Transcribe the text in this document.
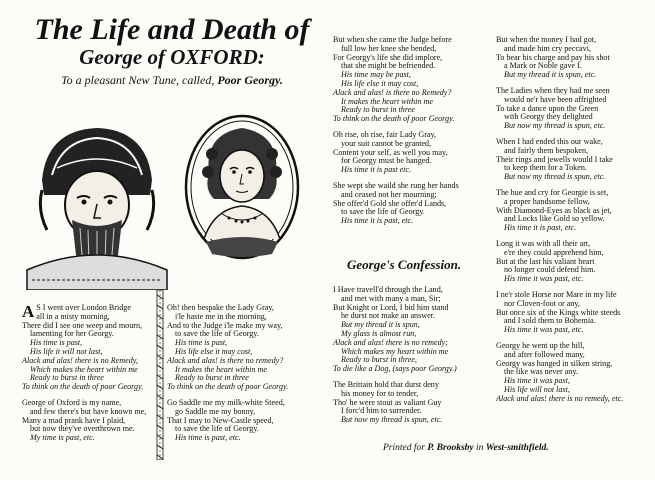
The Life and Death of
George of OXFORD:
To a pleasant New Tune, called, Poor Georgy.
A S I went over London Bridge
all in a misty morning,
There did I see one weep and mourn,
lamenting for her Georgy.
His time is past,
His life it will not last,
Alack and alas! there is no Remedy,
Which makes the heart within me
Ready to burst in three
To think on the death of poor Georgy.
George of Oxford is my name,
and few there's but have known me,
Many a mad prank have I plaid,
but now they've overthrown me.
My time is past, etc.
Oh! then bespake the Lady Gray,
i'le haste me in the morning,
And to the Judge i'le make my way,
to save the life of Georgy.
His time is past,
His life else it may cost,
Alack and alas! is there no remedy?
It makes the heart within me
Ready to burst in three
To think on the death of poor Georgy.
Go Saddle me my milk-white Steed,
go Saddle me my bonny,
That I may to New-Castle speed,
to save the life of Georgy.
His time is past, etc.
But when she came the Judge before
full low her knee she bended,
For Georgy's life she did implore,
that she might be befriended.
His time may be past,
His life else it may cost,
Alack and alas! is there no Remedy?
It makes the heart within me
Ready to burst in three
To think on the death of poor Georgy.
Oh rise, oh rise, fair Lady Gray,
your suit cannot be granted,
Content your self, as well you may,
for Georgy must be hanged.
His time it is past etc.
She wept she waild she rung her hands
and ceased not her mourning;
She offer'd Gold she offer'd Lands,
to save the life of Georgy.
His time it is past, etc.
George's Confession.
I Have travell'd through the Land,
and met with many a man, Sir;
But Knight or Lord, I bid him stand
he durst not make an answer.
But my thread it is spun,
My glass is almost run,
Alack and alas! there is no remedy;
Which makes my heart within me
Ready to burst in three,
To die like a Dog, (says poor Georgy.)
The Brittain hold that durst deny
his money for to tender,
Tho' he were stout as valiant Guy
I forc'd him to surrender.
But now my thread is spun, etc.
But when the money I had got,
and made him cry peccavi,
To bear his charge and pay his shot
a Mark or Noble gave I.
But my thread it is spun, etc.
The Ladies when they had me seen
would ne'r have been affrighted
To take a dance upon the Green
with Georgy they delighted
But now my thread is spun, etc.
When I had ended this our wake,
and fairly them bespoken,
Their rings and jewells would I take
to keep them for a Token.
But now my thread is spun, etc.
The hue and cry for Georgie is set,
a proper handsome fellow,
With Diamond-Eyes as black as jet,
and Locks like Gold so yellow.
His time it is past, etc.
Long it was with all their art,
e're they could apprehend him,
But at the last his valiant heart
no longer could defend him.
His time it was past, etc.
I ne'r stole Horse nor Mare in my life
nor Cloven-foot or any,
But once six of the Kings white steeds
and I sold them to Bohemia.
His time it was past, etc.
Georgy he went up the hill,
and after followed many,
Georgy was hanged in silken string,
the like was never any.
His time it was past,
His life will not last,
Alack and alas! there is no remedy, etc.
Printed for P. Brooksby in West-smithfield.
